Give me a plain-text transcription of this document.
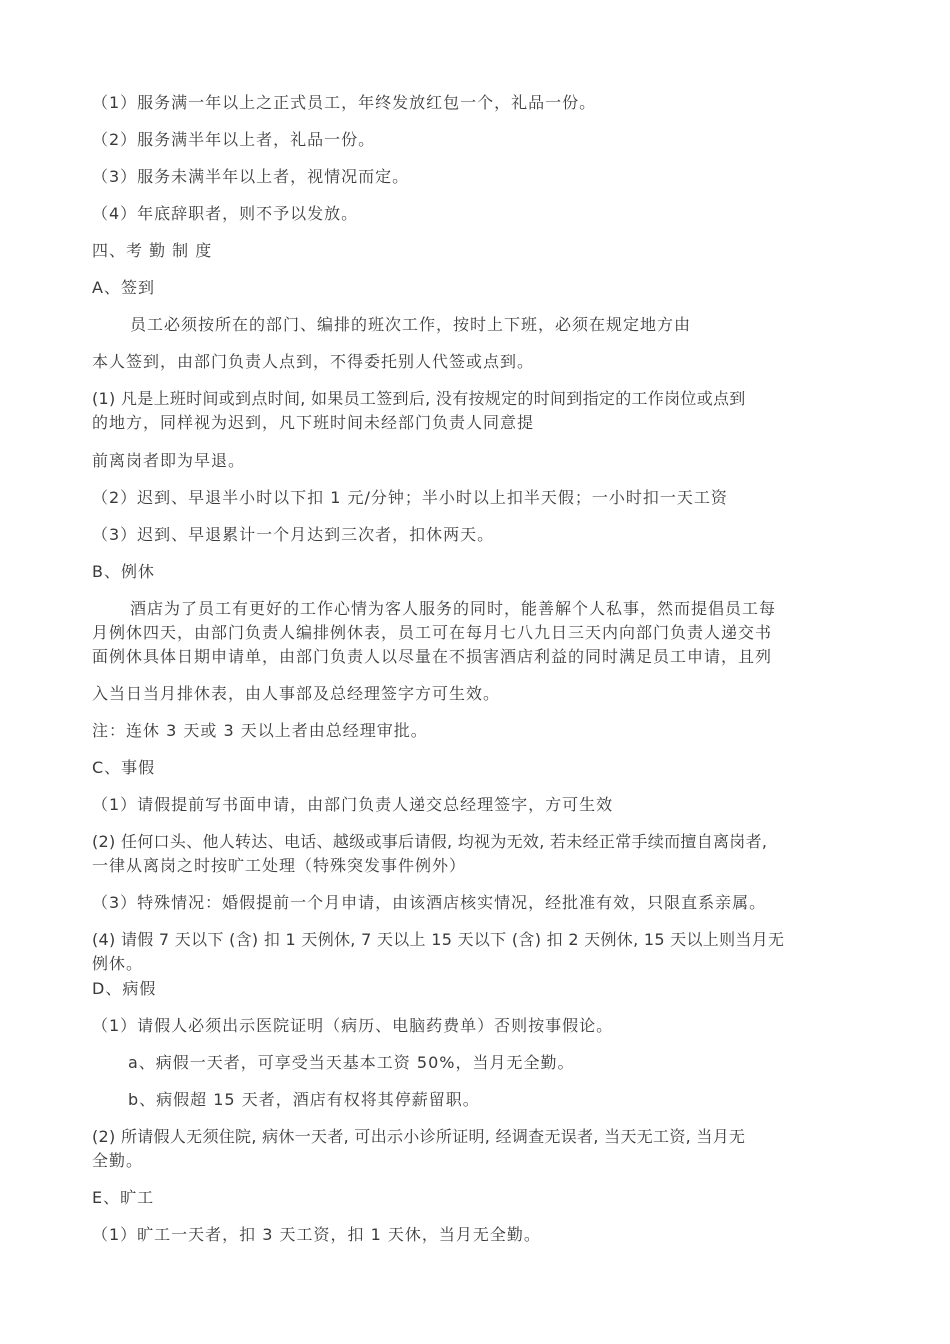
（1）服务满一年以上之正式员工，年终发放红包一个，礼品一份。
（2）服务满半年以上者，礼品一份。
（3）服务未满半年以上者，视情况而定。
（4）年底辞职者，则不予以发放。
四、考 勤 制 度
A、签到
员工必须按所在的部门、编排的班次工作，按时上下班，必须在规定地方由
本人签到，由部门负责人点到，不得委托别人代签或点到。
(1) 凡是上班时间或到点时间, 如果员工签到后, 没有按规定的时间到指定的工作岗位或点到
的地方，同样视为迟到，凡下班时间未经部门负责人同意提
前离岗者即为早退。
（2）迟到、早退半小时以下扣 1 元/分钟；半小时以上扣半天假；一小时扣一天工资
（3）迟到、早退累计一个月达到三次者，扣休两天。
B、例休
酒店为了员工有更好的工作心情为客人服务的同时，能善解个人私事，然而提倡员工每
月例休四天，由部门负责人编排例休表，员工可在每月七八九日三天内向部门负责人递交书
面例休具体日期申请单，由部门负责人以尽量在不损害酒店利益的同时满足员工申请，且列
入当日当月排休表，由人事部及总经理签字方可生效。
注：连休 3 天或 3 天以上者由总经理审批。
C、事假
（1）请假提前写书面申请，由部门负责人递交总经理签字，方可生效
(2) 任何口头、他人转达、电话、越级或事后请假, 均视为无效, 若未经正常手续而擅自离岗者,
一律从离岗之时按旷工处理（特殊突发事件例外）
（3）特殊情况：婚假提前一个月申请，由该酒店核实情况，经批准有效，只限直系亲属。
(4) 请假 7 天以下 (含) 扣 1 天例休, 7 天以上 15 天以下 (含) 扣 2 天例休, 15 天以上则当月无
例休。
D、病假
（1）请假人必须出示医院证明（病历、电脑药费单）否则按事假论。
a、病假一天者，可享受当天基本工资 50%，当月无全勤。
b、病假超 15 天者，酒店有权将其停薪留职。
(2) 所请假人无须住院, 病休一天者, 可出示小诊所证明, 经调查无误者, 当天无工资, 当月无
全勤。
E、旷工
（1）旷工一天者，扣 3 天工资，扣 1 天休，当月无全勤。
